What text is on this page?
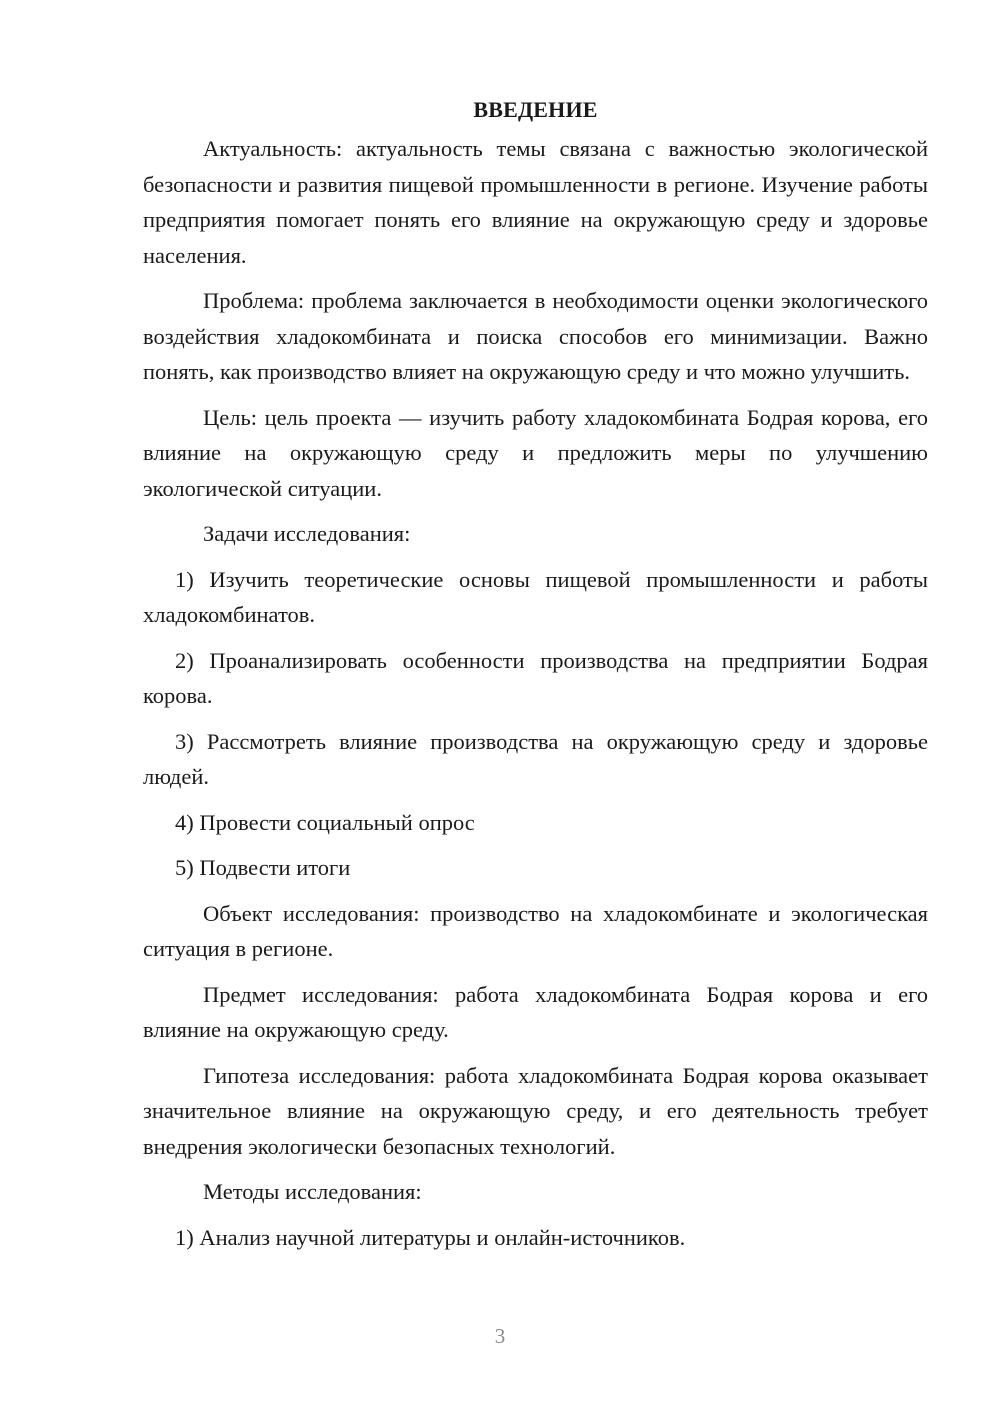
ВВЕДЕНИЕ

Актуальность: актуальность темы связана с важностью экологической безопасности и развития пищевой промышленности в регионе. Изучение работы предприятия помогает понять его влияние на окружающую среду и здоровье населения.

Проблема: проблема заключается в необходимости оценки экологического воздействия хладокомбината и поиска способов его минимизации. Важно понять, как производство влияет на окружающую среду и что можно улучшить.

Цель: цель проекта — изучить работу хладокомбината Бодрая корова, его влияние на окружающую среду и предложить меры по улучшению экологической ситуации.

Задачи исследования:

1) Изучить теоретические основы пищевой промышленности и работы хладокомбинатов.

2) Проанализировать особенности производства на предприятии Бодрая корова.

3) Рассмотреть влияние производства на окружающую среду и здоровье людей.

4) Провести социальный опрос

5) Подвести итоги

Объект исследования: производство на хладокомбинате и экологическая ситуация в регионе.

Предмет исследования: работа хладокомбината Бодрая корова и его влияние на окружающую среду.

Гипотеза исследования: работа хладокомбината Бодрая корова оказывает значительное влияние на окружающую среду, и его деятельность требует внедрения экологически безопасных технологий.

Методы исследования:

1) Анализ научной литературы и онлайн-источников.

3
